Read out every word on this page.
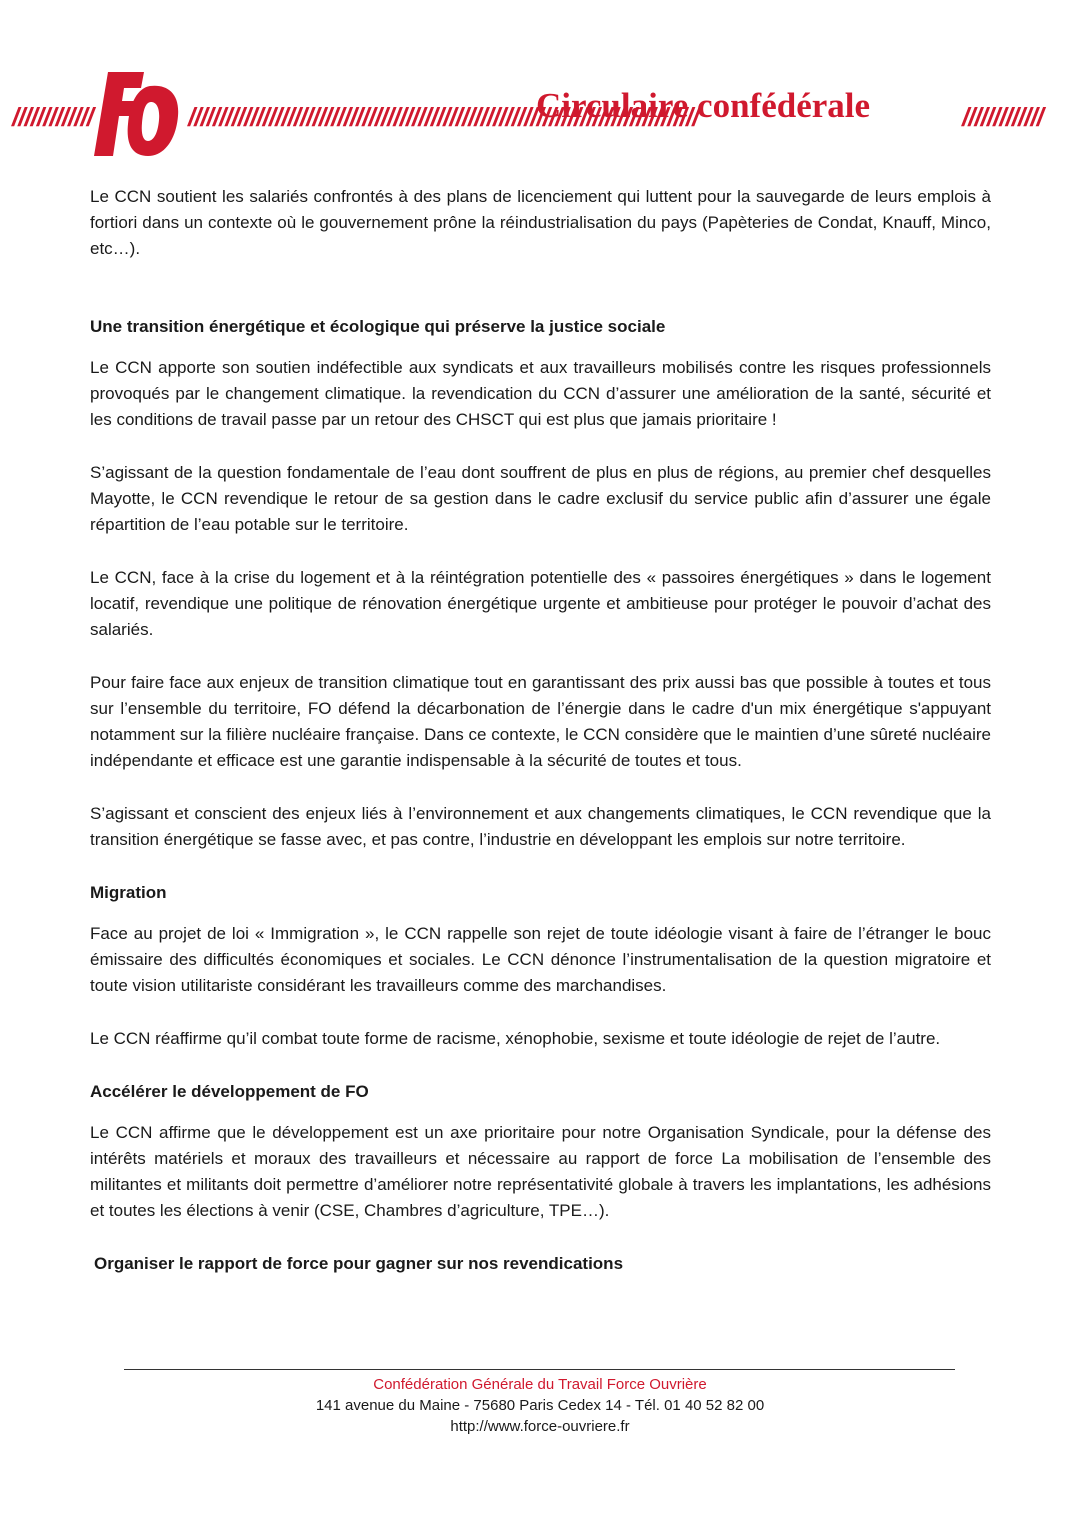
/////////////	//////////////////////////////////////////////////////////////////////////////////
Circulaire confédérale	/////////////

Le CCN soutient les salariés confrontés à des plans de licenciement qui luttent pour la sauvegarde de leurs emplois à fortiori dans un contexte où le gouvernement prône la réindustrialisation du pays (Papèteries de Condat, Knauff, Minco, etc…).

Une transition énergétique et écologique qui préserve la justice sociale

Le CCN apporte son soutien indéfectible aux syndicats et aux travailleurs mobilisés contre les risques professionnels provoqués par le changement climatique. la revendication du CCN d’assurer une amélioration de la santé, sécurité et les conditions de travail passe par un retour des CHSCT qui est plus que jamais prioritaire !

S’agissant de la question fondamentale de l’eau dont souffrent de plus en plus de régions, au premier chef desquelles Mayotte, le CCN revendique le retour de sa gestion dans le cadre exclusif du service public afin d’assurer une égale répartition de l’eau potable sur le territoire.

Le CCN, face à la crise du logement et à la réintégration potentielle des « passoires énergétiques » dans le logement locatif, revendique une politique de rénovation énergétique urgente et ambitieuse pour protéger le pouvoir d’achat des salariés.

Pour faire face aux enjeux de transition climatique tout en garantissant des prix aussi bas que possible à toutes et tous sur l’ensemble du territoire, FO défend la décarbonation de l’énergie dans le cadre d'un mix énergétique s'appuyant notamment sur la filière nucléaire française. Dans ce contexte, le CCN considère que le maintien d’une sûreté nucléaire indépendante et efficace est une garantie indispensable à la sécurité de toutes et tous.

S’agissant et conscient des enjeux liés à l’environnement et aux changements climatiques, le CCN revendique que la transition énergétique se fasse avec, et pas contre, l’industrie en développant les emplois sur notre territoire.

Migration

Face au projet de loi « Immigration », le CCN rappelle son rejet de toute idéologie visant à faire de l’étranger le bouc émissaire des difficultés économiques et sociales. Le CCN dénonce l’instrumentalisation de la question migratoire et toute vision utilitariste considérant les travailleurs comme des marchandises.

Le CCN réaffirme qu’il combat toute forme de racisme, xénophobie, sexisme et toute idéologie de rejet de l’autre.

Accélérer le développement de FO

Le CCN affirme que le développement est un axe prioritaire pour notre Organisation Syndicale, pour la défense des intérêts matériels et moraux des travailleurs et nécessaire au rapport de force La mobilisation de l’ensemble des militantes et militants doit permettre d’améliorer notre représentativité globale à travers les implantations, les adhésions et toutes les élections à venir (CSE, Chambres d’agriculture, TPE…).

Organiser le rapport de force pour gagner sur nos revendications
Confédération Générale du Travail Force Ouvrière
141 avenue du Maine - 75680 Paris Cedex 14 - Tél. 01 40 52 82 00
http://www.force-ouvriere.fr
